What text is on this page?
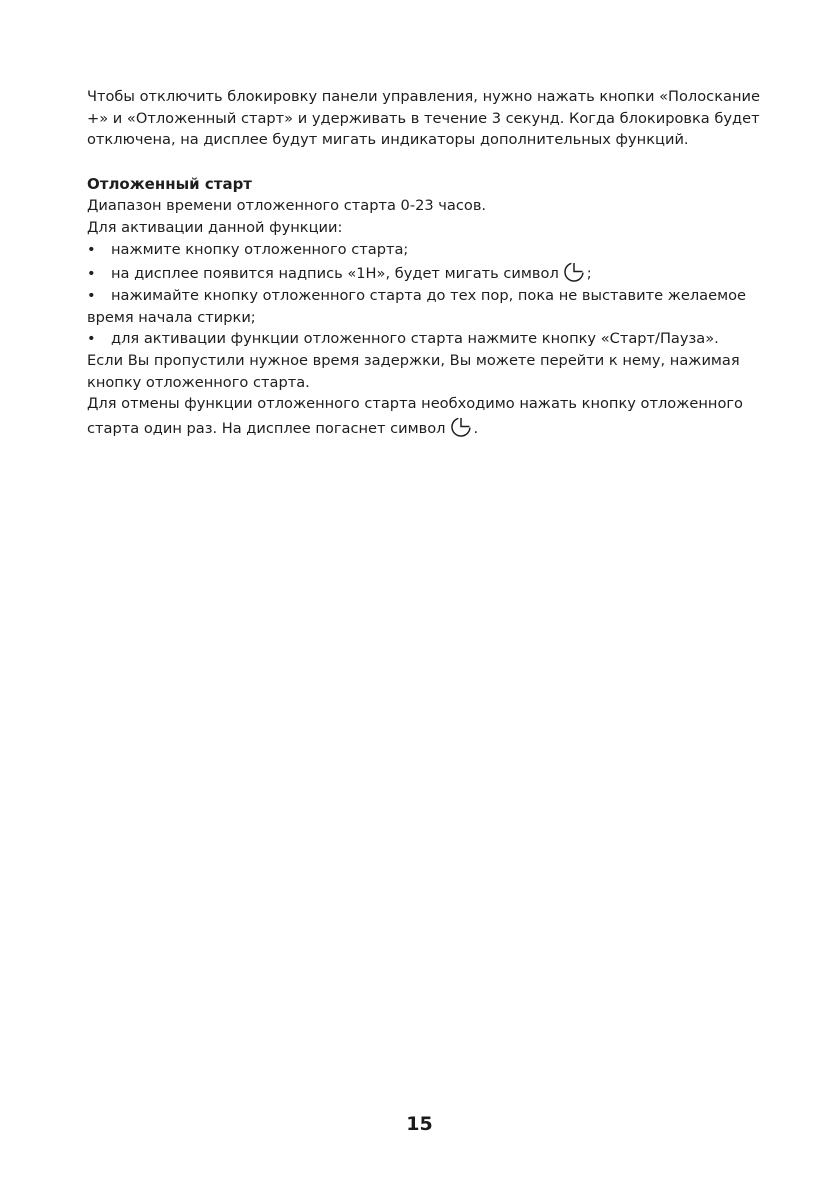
Чтобы отключить блокировку панели управления, нужно нажать кнопки «Полоскание +» и «Отложенный старт» и удерживать в течение 3 секунд. Когда блокировка будет отключена, на дисплее будут мигать индикаторы дополнительных функций.

Отложенный старт

Диапазон времени отложенного старта 0-23 часов.

Для активации данной функции:

• нажмите кнопку отложенного старта;

• на дисплее появится надпись «1Н», будет мигать символ ;

• нажимайте кнопку отложенного старта до тех пор, пока не выставите желаемое время начала стирки;

• для активации функции отложенного старта нажмите кнопку «Старт/Пауза».

Если Вы пропустили нужное время задержки, Вы можете перейти к нему, нажимая кнопку отложенного старта.

Для отмены функции отложенного старта необходимо нажать кнопку отложенного старта один раз. На дисплее погаснет символ .

15
